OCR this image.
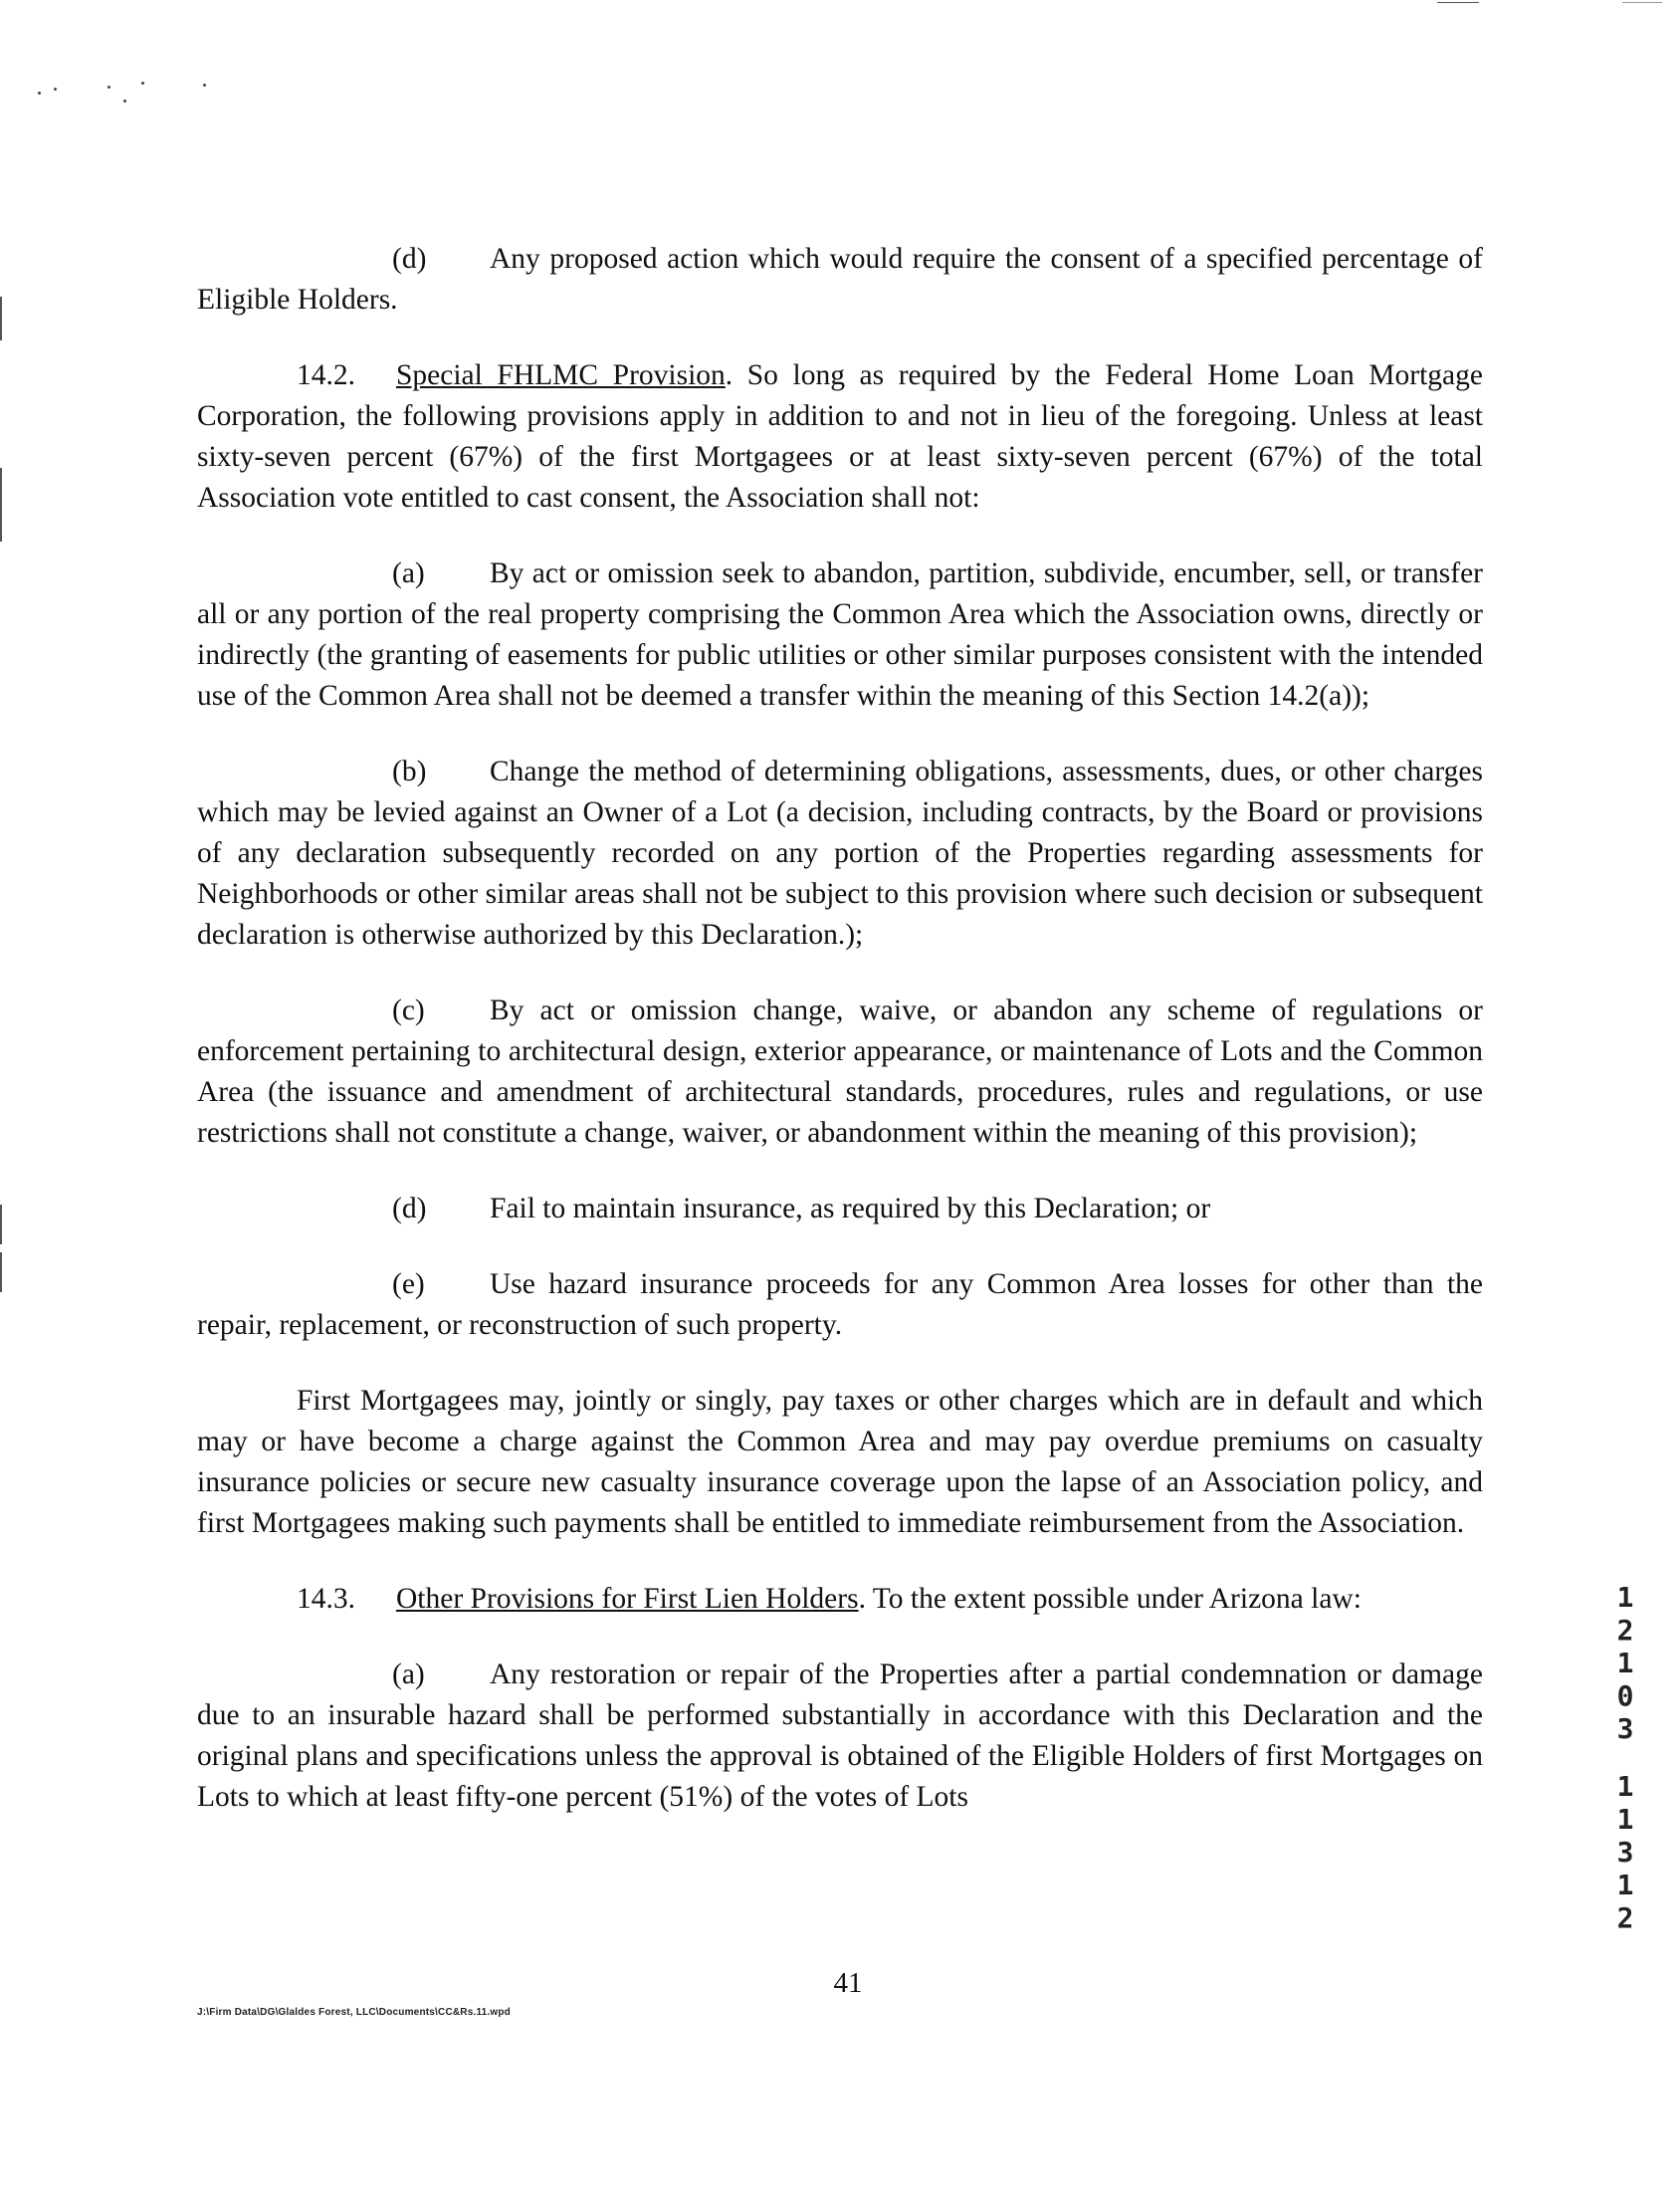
(d) Any proposed action which would require the consent of a specified percentage of Eligible Holders.

14.2. Special FHLMC Provision. So long as required by the Federal Home Loan Mortgage Corporation, the following provisions apply in addition to and not in lieu of the foregoing. Unless at least sixty-seven percent (67%) of the first Mortgagees or at least sixty-seven percent (67%) of the total Association vote entitled to cast consent, the Association shall not:

(a) By act or omission seek to abandon, partition, subdivide, encumber, sell, or transfer all or any portion of the real property comprising the Common Area which the Association owns, directly or indirectly (the granting of easements for public utilities or other similar purposes consistent with the intended use of the Common Area shall not be deemed a transfer within the meaning of this Section 14.2(a));

(b) Change the method of determining obligations, assessments, dues, or other charges which may be levied against an Owner of a Lot (a decision, including contracts, by the Board or provisions of any declaration subsequently recorded on any portion of the Properties regarding assessments for Neighborhoods or other similar areas shall not be subject to this provision where such decision or subsequent declaration is otherwise authorized by this Declaration.);

(c) By act or omission change, waive, or abandon any scheme of regulations or enforcement pertaining to architectural design, exterior appearance, or maintenance of Lots and the Common Area (the issuance and amendment of architectural standards, procedures, rules and regulations, or use restrictions shall not constitute a change, waiver, or abandonment within the meaning of this provision);

(d) Fail to maintain insurance, as required by this Declaration; or

(e) Use hazard insurance proceeds for any Common Area losses for other than the repair, replacement, or reconstruction of such property.

First Mortgagees may, jointly or singly, pay taxes or other charges which are in default and which may or have become a charge against the Common Area and may pay overdue premiums on casualty insurance policies or secure new casualty insurance coverage upon the lapse of an Association policy, and first Mortgagees making such payments shall be entitled to immediate reimbursement from the Association.

14.3. Other Provisions for First Lien Holders. To the extent possible under Arizona law:

(a) Any restoration or repair of the Properties after a partial condemnation or damage due to an insurable hazard shall be performed substantially in accordance with this Declaration and the original plans and specifications unless the approval is obtained of the Eligible Holders of first Mortgages on Lots to which at least fifty-one percent (51%) of the votes of Lots

41
J:\Firm Data\DG\Glaldes Forest, LLC\Documents\CC&Rs.11.wpd
1
2
1
0
3
1
1
3
1
2
